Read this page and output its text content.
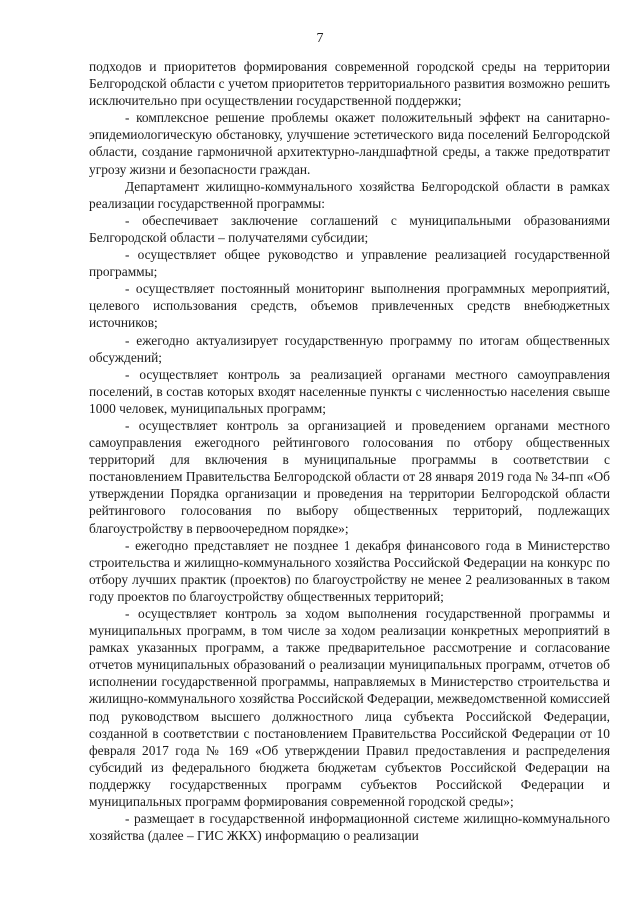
7

подходов и приоритетов формирования современной городской среды на территории Белгородской области с учетом приоритетов территориального развития возможно решить исключительно при осуществлении государственной поддержки;

- комплексное решение проблемы окажет положительный эффект на санитарно-эпидемиологическую обстановку, улучшение эстетического вида поселений Белгородской области, создание гармоничной архитектурно-ландшафтной среды, а также предотвратит угрозу жизни и безопасности граждан.

Департамент жилищно-коммунального хозяйства Белгородской области в рамках реализации государственной программы:

- обеспечивает заключение соглашений с муниципальными образованиями Белгородской области – получателями субсидии;

- осуществляет общее руководство и управление реализацией государственной программы;

- осуществляет постоянный мониторинг выполнения программных мероприятий, целевого использования средств, объемов привлеченных средств внебюджетных источников;

- ежегодно актуализирует государственную программу по итогам общественных обсуждений;

- осуществляет контроль за реализацией органами местного самоуправления поселений, в состав которых входят населенные пункты с численностью населения свыше 1000 человек, муниципальных программ;

- осуществляет контроль за организацией и проведением органами местного самоуправления ежегодного рейтингового голосования по отбору общественных территорий для включения в муниципальные программы в соответствии с постановлением Правительства Белгородской области от 28 января 2019 года № 34-пп «Об утверждении Порядка организации и проведения на территории Белгородской области рейтингового голосования по выбору общественных территорий, подлежащих благоустройству в первоочередном порядке»;

- ежегодно представляет не позднее 1 декабря финансового года в Министерство строительства и жилищно-коммунального хозяйства Российской Федерации на конкурс по отбору лучших практик (проектов) по благоустройству не менее 2 реализованных в таком году проектов по благоустройству общественных территорий;

- осуществляет контроль за ходом выполнения государственной программы и муниципальных программ, в том числе за ходом реализации конкретных мероприятий в рамках указанных программ, а также предварительное рассмотрение и согласование отчетов муниципальных образований о реализации муниципальных программ, отчетов об исполнении государственной программы, направляемых в Министерство строительства и жилищно-коммунального хозяйства Российской Федерации, межведомственной комиссией под руководством высшего должностного лица субъекта Российской Федерации, созданной в соответствии с постановлением Правительства Российской Федерации от 10 февраля 2017 года № 169 «Об утверждении Правил предоставления и распределения субсидий из федерального бюджета бюджетам субъектов Российской Федерации на поддержку государственных программ субъектов Российской Федерации и муниципальных программ формирования современной городской среды»;

- размещает в государственной информационной системе жилищно-коммунального хозяйства (далее – ГИС ЖКХ) информацию о реализации
